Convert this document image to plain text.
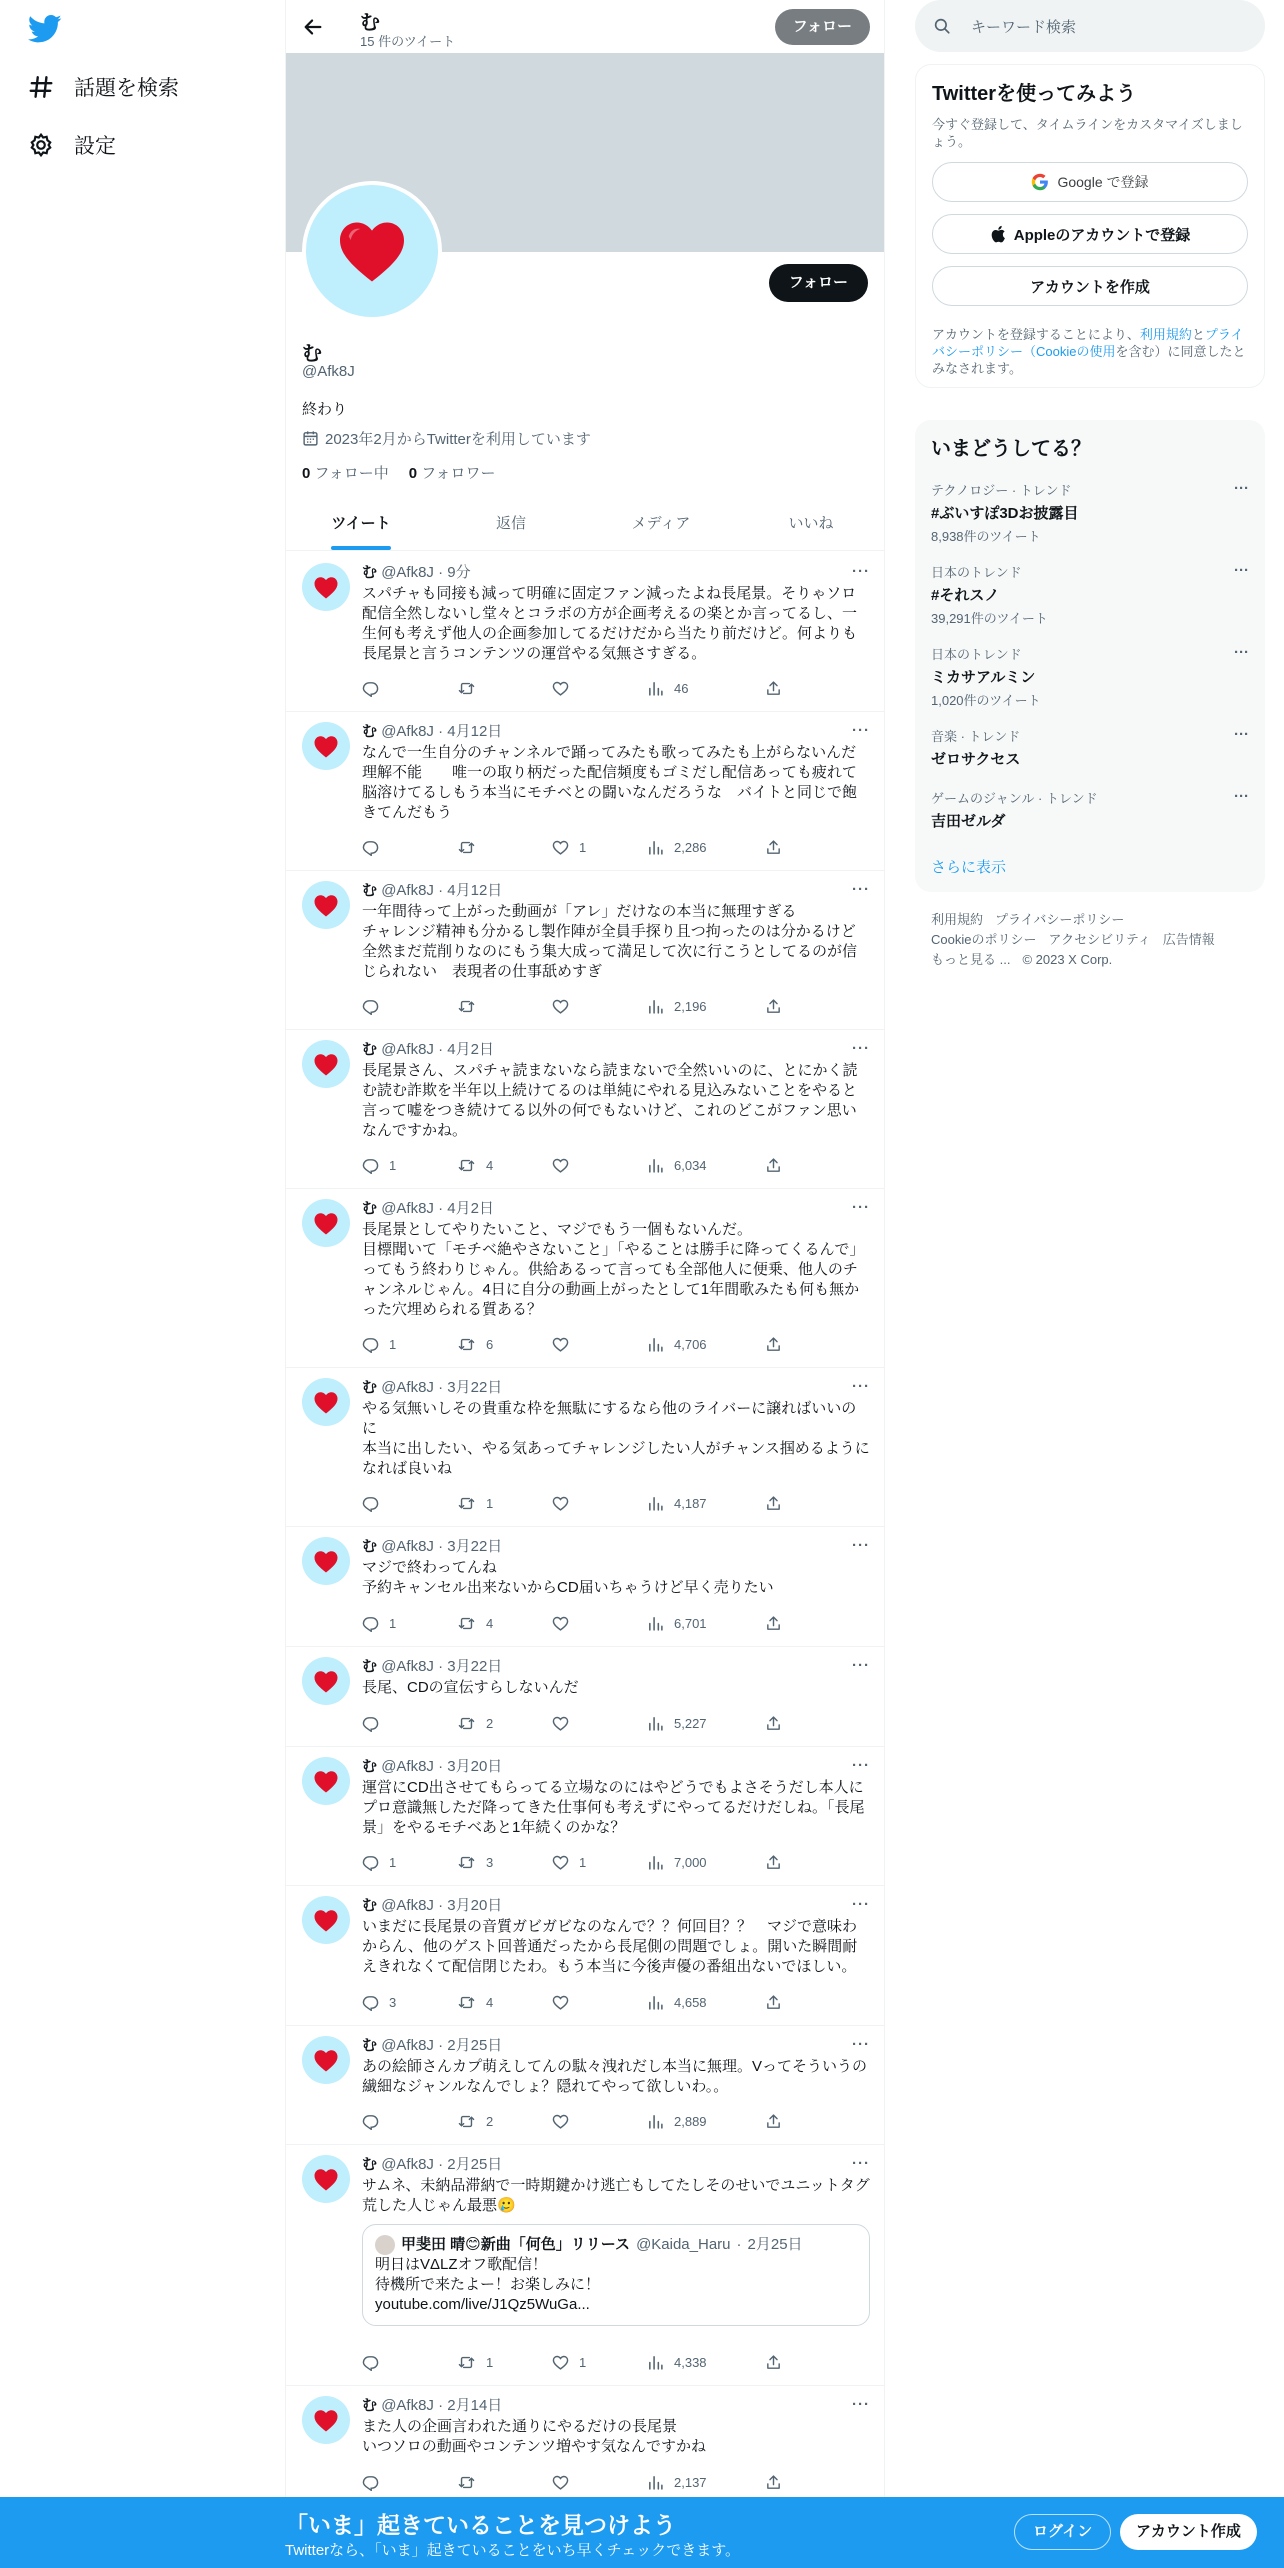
話題を検索
設定
む
15 件のツイート
フォロー
フォロー
む
@Afk8J
終わり
2023年2月からTwitterを利用しています
0 フォロー中 0 フォロワー
ツイート	返信	メディア	いいね
む @Afk8J · 9分	···
スパチャも同接も減って明確に固定ファン減ったよね長尾景。そりゃソロ配信全然しないし堂々とコラボの方が企画考えるの楽とか言ってるし、一生何も考えず他人の企画参加してるだけだから当たり前だけど。何よりも長尾景と言うコンテンツの運営やる気無さすぎる。
46
む @Afk8J · 4月12日	···
なんで一生自分のチャンネルで踊ってみたも歌ってみたも上がらないんだ理解不能　　唯一の取り柄だった配信頻度もゴミだし配信あっても疲れて脳溶けてるしもう本当にモチベとの闘いなんだろうな　バイトと同じで飽きてんだもう
1	2,286
む @Afk8J · 4月12日	···
一年間待って上がった動画が「アレ」だけなの本当に無理すぎる
チャレンジ精神も分かるし製作陣が全員手探り且つ拘ったのは分かるけど全然まだ荒削りなのにもう集大成って満足して次に行こうとしてるのが信じられない　表現者の仕事舐めすぎ
2,196
む @Afk8J · 4月2日	···
長尾景さん、スパチャ読まないなら読まないで全然いいのに、とにかく読む読む詐欺を半年以上続けてるのは単純にやれる見込みないことをやると言って嘘をつき続けてる以外の何でもないけど、これのどこがファン思いなんですかね。
1	4	6,034
む @Afk8J · 4月2日	···
長尾景としてやりたいこと、マジでもう一個もないんだ。
目標聞いて「モチベ絶やさないこと」「やることは勝手に降ってくるんで」ってもう終わりじゃん。供給あるって言っても全部他人に便乗、他人のチャンネルじゃん。4日に自分の動画上がったとして1年間歌みたも何も無かった穴埋められる質ある？
1	6	4,706
む @Afk8J · 3月22日	···
やる気無いしその貴重な枠を無駄にするなら他のライバーに譲ればいいのに
本当に出したい、やる気あってチャレンジしたい人がチャンス掴めるようになれば良いね
1	4,187
む @Afk8J · 3月22日	···
マジで終わってんね
予約キャンセル出来ないからCD届いちゃうけど早く売りたい
1	4	6,701
む @Afk8J · 3月22日	···
長尾、CDの宣伝すらしないんだ
2	5,227
む @Afk8J · 3月20日	···
運営にCD出させてもらってる立場なのにはやどうでもよさそうだし本人にプロ意識無しただ降ってきた仕事何も考えずにやってるだけだしね。「長尾景」をやるモチベあと1年続くのかな？
1	3	1	7,000
む @Afk8J · 3月20日	···
いまだに長尾景の音質ガビガビなのなんで？？何回目？？　マジで意味わからん、他のゲスト回普通だったから長尾側の問題でしょ。開いた瞬間耐えきれなくて配信閉じたわ。もう本当に今後声優の番組出ないでほしい。
3	4	4,658
む @Afk8J · 2月25日	···
あの絵師さんカプ萌えしてんの駄々洩れだし本当に無理。Vってそういうの繊細なジャンルなんでしょ？隠れてやって欲しいわ。。
2	2,889
む @Afk8J · 2月25日	···
サムネ、未納品滞納で一時期鍵かけ逃亡もしてたしそのせいでユニットタグ荒した人じゃん最悪🥲
甲斐田 晴😊新曲「何色」リリース @Kaida_Haru · 2月25日
明日はVΔLZオフ歌配信！
待機所で来たよー！お楽しみに！
youtube.com/live/J1Qz5WuGa...
1	1	4,338
む @Afk8J · 2月14日	···
また人の企画言われた通りにやるだけの長尾景
いつソロの動画やコンテンツ増やす気なんですかね
2,137
キーワード検索
Twitterを使ってみよう
今すぐ登録して、タイムラインをカスタマイズしましょう。
Google で登録
Appleのアカウントで登録
アカウントを作成
アカウントを登録することにより、利用規約とプライバシーポリシー（Cookieの使用を含む）に同意したとみなされます。
いまどうしてる？
テクノロジー · トレンド
#ぶいすぽ3Dお披露目
8,938件のツイート
···
日本のトレンド
#それスノ
39,291件のツイート
···
日本のトレンド
ミカサアルミン
1,020件のツイート
···
音楽 · トレンド
ゼロサクセス
···
ゲームのジャンル · トレンド
吉田ゼルダ
···
さらに表示
利用規約 プライバシーポリシー
Cookieのポリシー アクセシビリティ 広告情報
もっと見る ... © 2023 X Corp.
「いま」起きていることを見つけよう
Twitterなら、「いま」起きていることをいち早くチェックできます。
ログイン	アカウント作成
